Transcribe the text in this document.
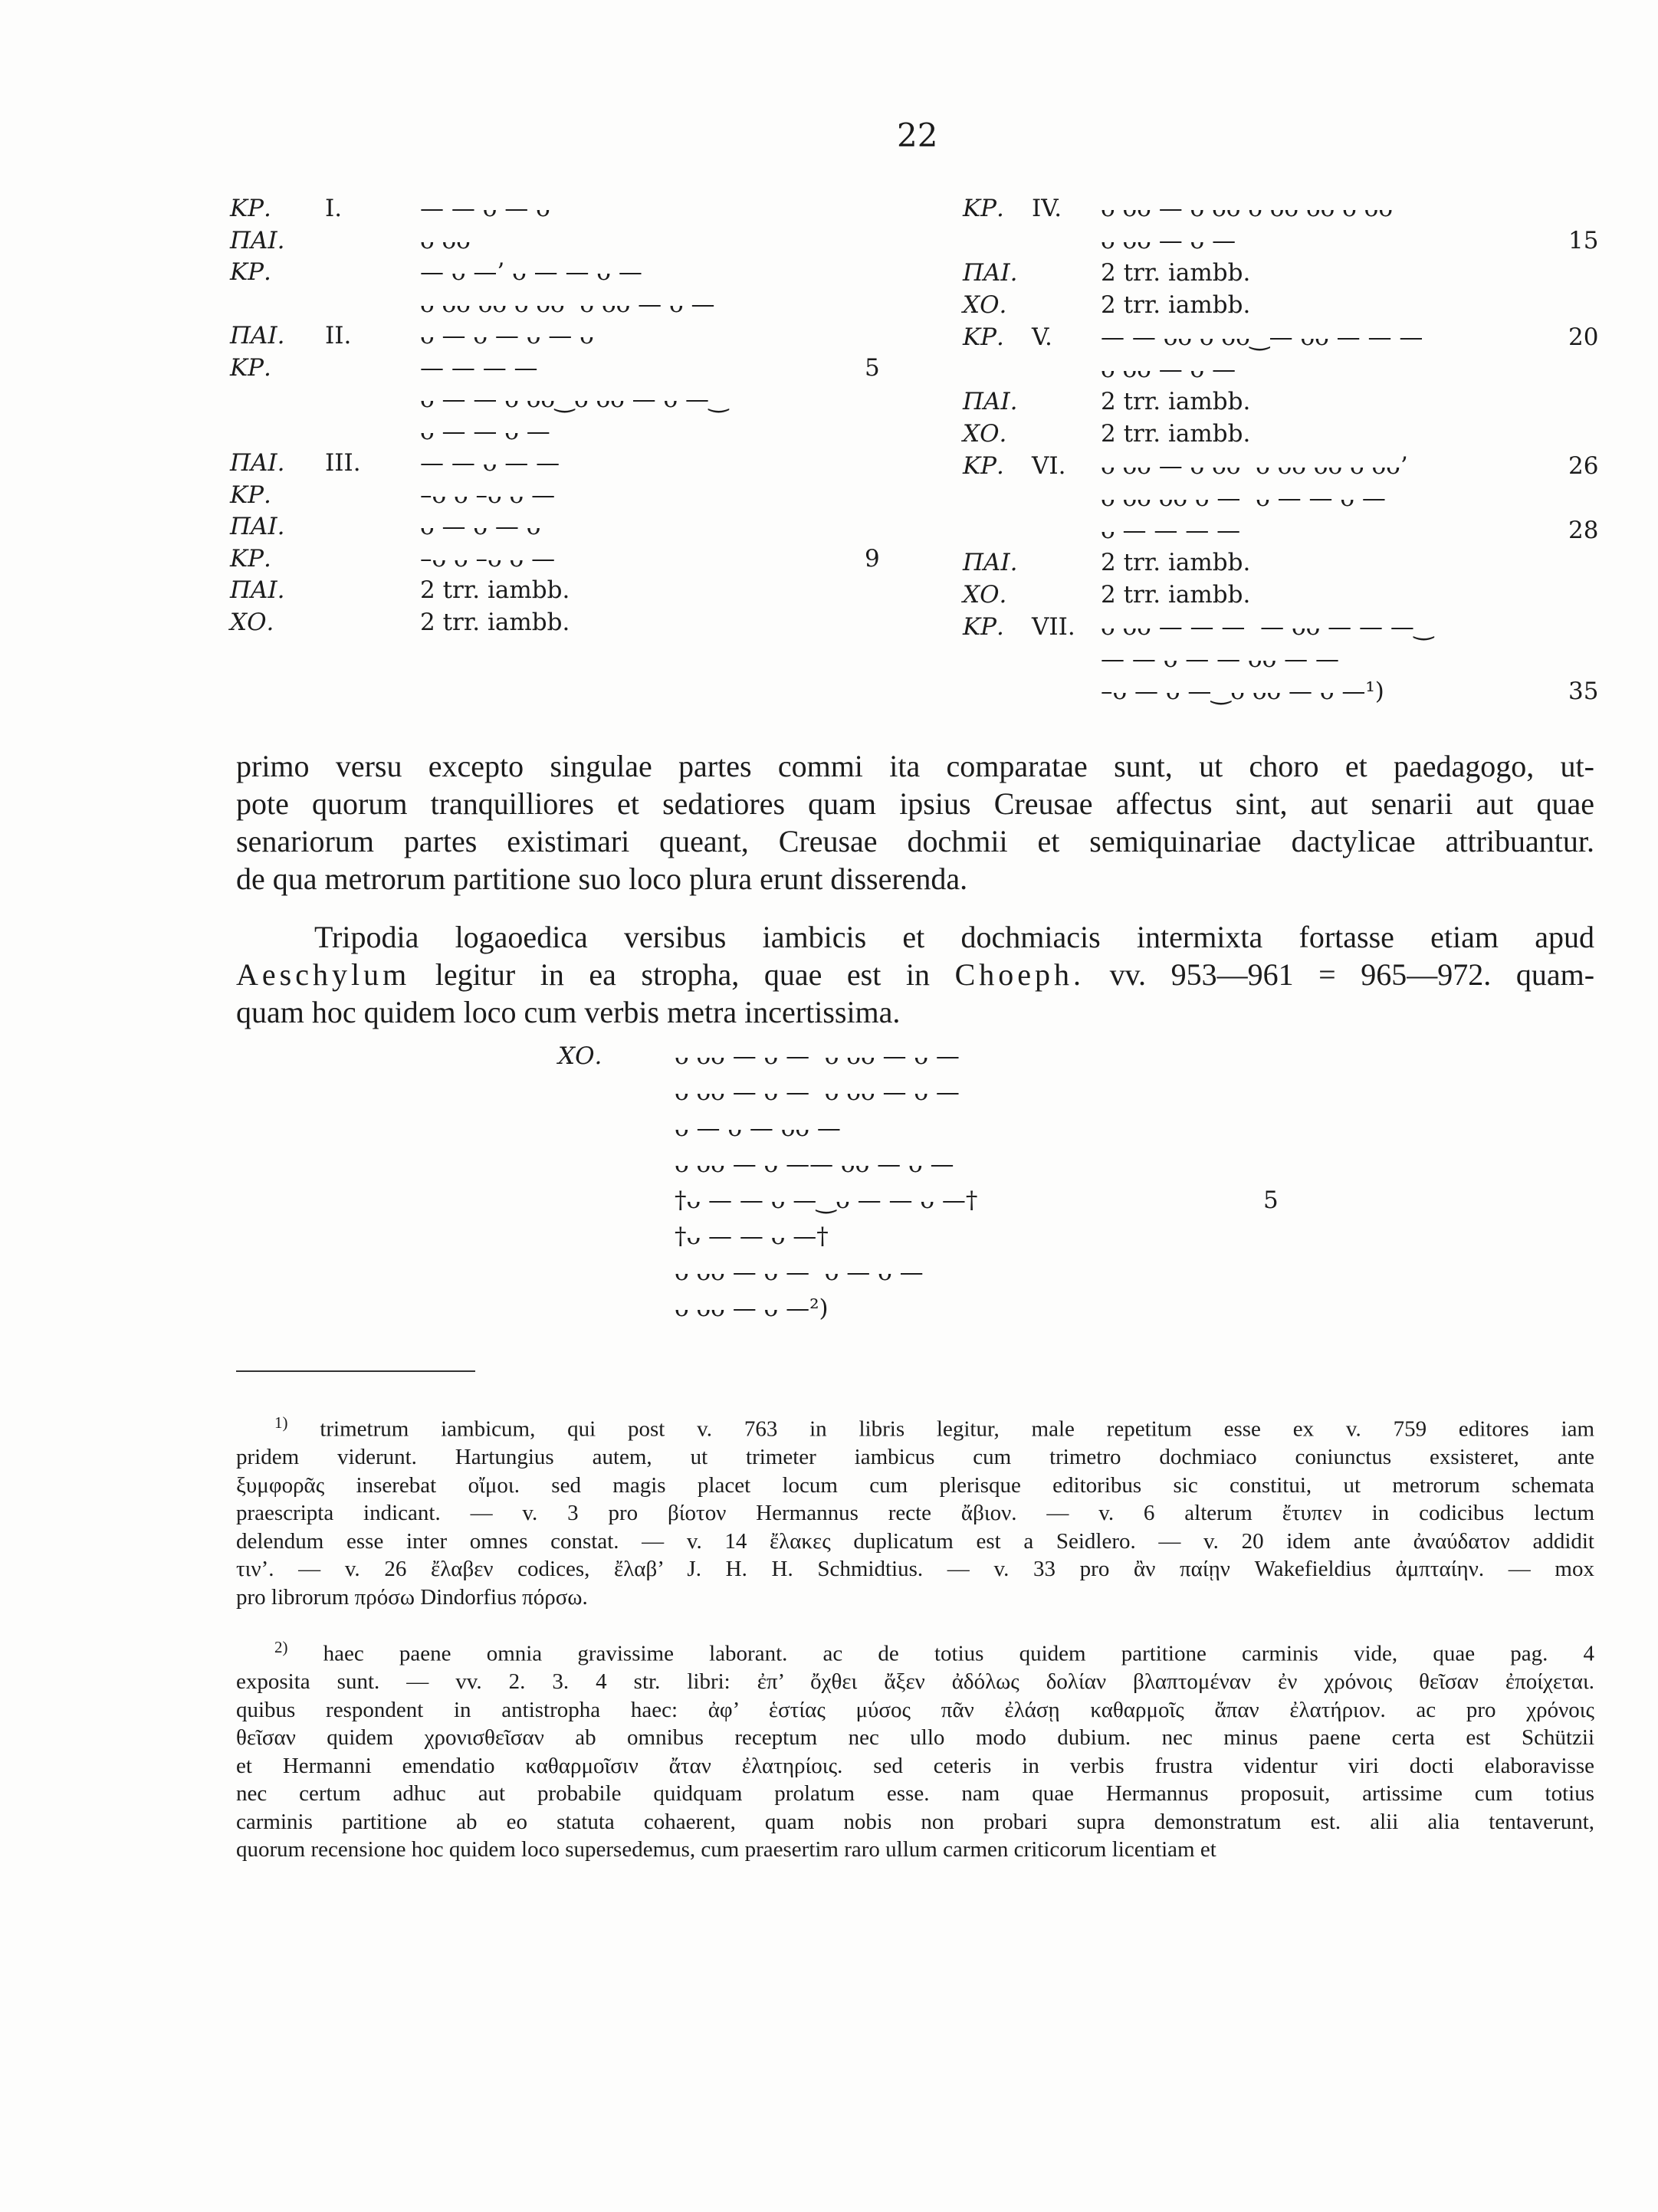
22
ΚΡ. I.	— — ᴗ — ᴗ
ΠΑΙ.	ᴗ ᴗᴗ
ΚΡ.	— ᴗ —’ ᴗ — — ᴗ —
ᴗ ᴗᴗ ᴗᴗ ᴗ ᴗᴗ  ᴗ ᴗᴗ — ᴗ —
ΠΑΙ. II.	ᴗ — ᴗ — ᴗ — ᴗ
ΚΡ.	— — — —	5
ᴗ — — ᴗ ᴗᴗ‿ᴗ ᴗᴗ — ᴗ —‿
ᴗ — — ᴗ —
ΠΑΙ. III. — — ᴗ — —
ΚΡ.	–ᴗ ᴗ –ᴗ ᴗ —
ΠΑΙ.	ᴗ — ᴗ — ᴗ
ΚΡ.	–ᴗ ᴗ –ᴗ ᴗ —	9
ΠΑΙ.	2 trr. iambb.
ΧΟ.	2 trr. iambb.
ΚΡ. IV. ᴗ ᴗᴗ — ᴗ ᴗᴗ ᴗ ᴗᴗ ᴗᴗ ᴗ ᴗᴗ
ᴗ ᴗᴗ — ᴗ —	15
ΠΑΙ.	2 trr. iambb.
ΧΟ.	2 trr. iambb.
ΚΡ. V. — — ᴗᴗ ᴗ ᴗᴗ‿— ᴗᴗ — — —	20
ᴗ ᴗᴗ — ᴗ —
ΠΑΙ.	2 trr. iambb.
ΧΟ.	2 trr. iambb.
ΚΡ. VI. ᴗ ᴗᴗ — ᴗ ᴗᴗ  ᴗ ᴗᴗ ᴗᴗ ᴗ ᴗᴗ’	26
ᴗ ᴗᴗ ᴗᴗ ᴗ —  ᴗ — — ᴗ —
ᴗ — — — —	28
ΠΑΙ.	2 trr. iambb.
ΧΟ.	2 trr. iambb.
ΚΡ. VII. ᴗ ᴗᴗ — — —  — ᴗᴗ — — —‿
— — ᴗ — — ᴗᴗ — —
–ᴗ — ᴗ —‿ᴗ ᴗᴗ — ᴗ —¹)	35

primo versu excepto singulae partes commi ita comparatae sunt, ut choro et paedagogo, ut-

pote quorum tranquilliores et sedatiores quam ipsius Creusae affectus sint, aut senarii aut quae

senariorum partes existimari queant, Creusae dochmii et semiquinariae dactylicae attribuantur.

de qua metrorum partitione suo loco plura erunt disserenda.

Tripodia logaoedica versibus iambicis et dochmiacis intermixta fortasse etiam apud

Aeschylum legitur in ea stropha, quae est in Choeph. vv. 953—961 = 965—972. quam-

quam hoc quidem loco cum verbis metra incertissima.

ΧΟ.	ᴗ ᴗᴗ — ᴗ —  ᴗ ᴗᴗ — ᴗ —
ᴗ ᴗᴗ — ᴗ —  ᴗ ᴗᴗ — ᴗ —
ᴗ — ᴗ — ᴗᴗ —
ᴗ ᴗᴗ — ᴗ —— ᴗᴗ — ᴗ —
†ᴗ — — ᴗ —‿ᴗ — — ᴗ —†	5
†ᴗ — — ᴗ —†
ᴗ ᴗᴗ — ᴗ —  ᴗ — ᴗ —
ᴗ ᴗᴗ — ᴗ —²)

$^{1)}$ trimetrum iambicum, qui post v. 763 in libris legitur, male repetitum esse ex v. 759 editores iam

pridem viderunt. Hartungius autem, ut trimeter iambicus cum trimetro dochmiaco coniunctus exsisteret, ante

ξυμφορᾶς inserebat οἴμοι. sed magis placet locum cum plerisque editoribus sic constitui, ut metrorum schemata

praescripta indicant. — v. 3 pro βίοτον Hermannus recte ἄβιον. — v. 6 alterum ἔτυπεν in codicibus lectum

delendum esse inter omnes constat. — v. 14 ἔλακες duplicatum est a Seidlero. — v. 20 idem ante ἀναύδατον addidit

τιν’. — v. 26 ἔλαβεν codices, ἔλαβ’ J. H. H. Schmidtius. — v. 33 pro ἂν παίῃν Wakefieldius ἀμπταίην. — mox

pro librorum πρόσω Dindorfius πόρσω.

$^{2)}$ haec paene omnia gravissime laborant. ac de totius quidem partitione carminis vide, quae pag. 4

exposita sunt. — vv. 2. 3. 4 str. libri: ἐπ’ ὄχθει ἄξεν ἀδόλως δολίαν βλαπτομέναν ἐν χρόνοις θεῖσαν ἐποίχεται.

quibus respondent in antistropha haec: ἀφ’ ἑστίας μύσος πᾶν ἐλάσῃ καθαρμοῖς ἄπαν ἐλατήριον. ac pro χρόνοις

θεῖσαν quidem χρονισθεῖσαν ab omnibus receptum nec ullo modo dubium. nec minus paene certa est Schützii

et Hermanni emendatio καθαρμοῖσιν ἄταν ἐλατηρίοις. sed ceteris in verbis frustra videntur viri docti elaboravisse

nec certum adhuc aut probabile quidquam prolatum esse. nam quae Hermannus proposuit, artissime cum totius

carminis partitione ab eo statuta cohaerent, quam nobis non probari supra demonstratum est. alii alia tentaverunt,

quorum recensione hoc quidem loco supersedemus, cum praesertim raro ullum carmen criticorum licentiam et
